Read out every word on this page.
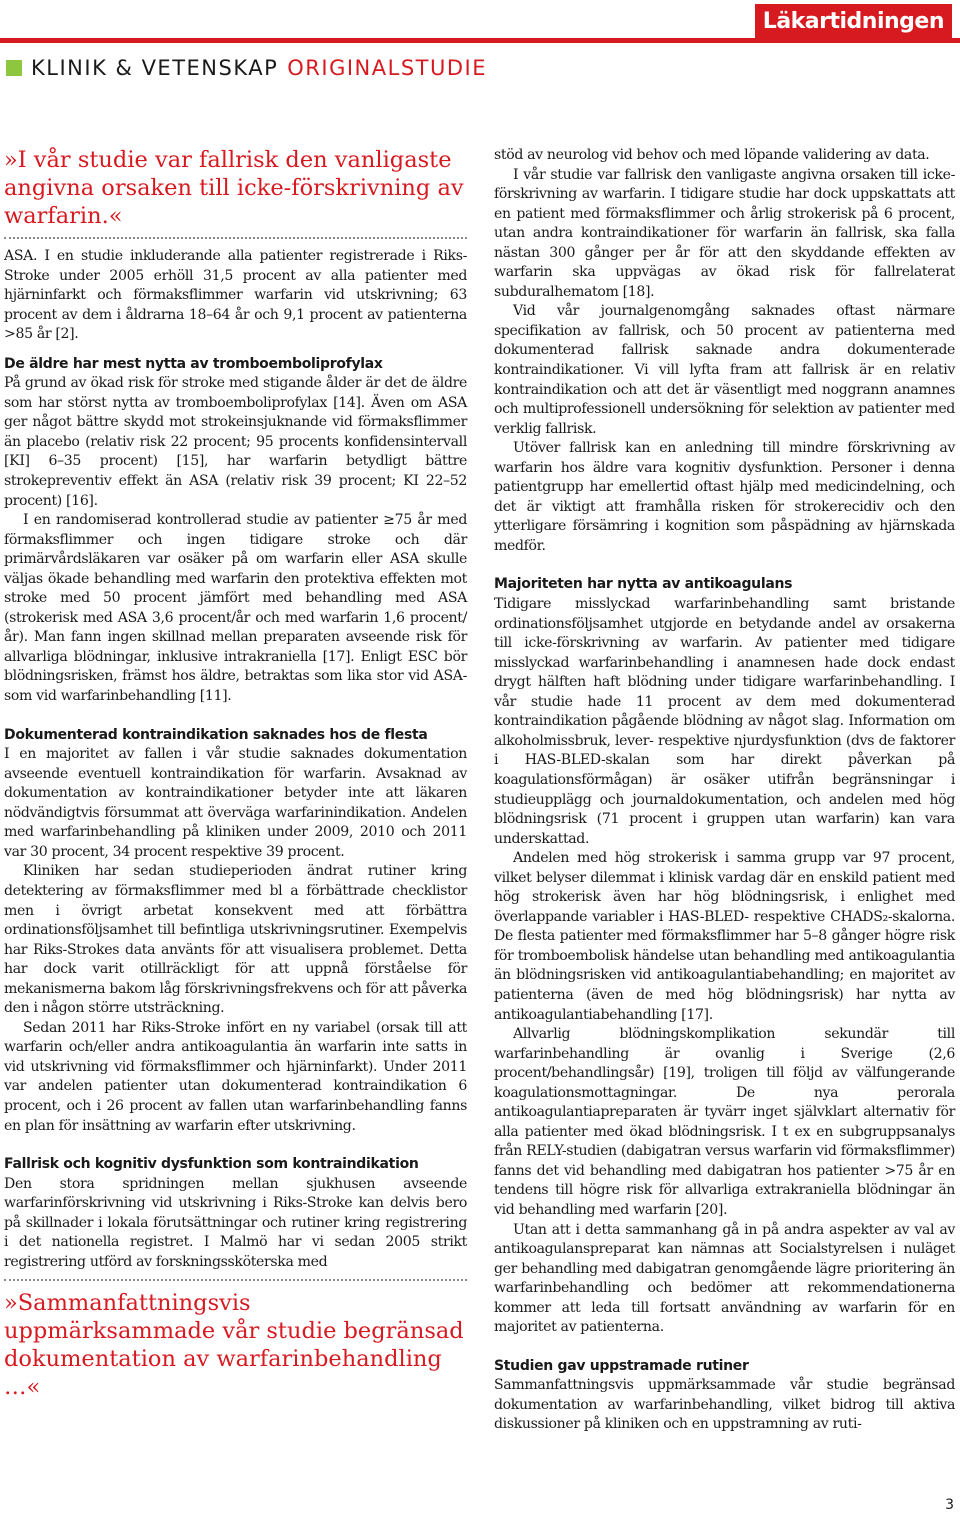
Läkartidningen
KLINIK & VETENSKAP ORIGINALSTUDIE

»I vår studie var fallrisk den vanligaste angivna orsaken till icke-förskrivning av warfarin.«

ASA. I en studie inkluderande alla patienter registrerade i Riks-Stroke under 2005 erhöll 31,5 procent av alla patienter med hjärninfarkt och förmaksflimmer warfarin vid utskrivning; 63 procent av dem i åldrarna 18–64 år och 9,1 procent av patienterna >85 år [2].

De äldre har mest nytta av tromboemboliprofylax

På grund av ökad risk för stroke med stigande ålder är det de äldre som har störst nytta av tromboemboliprofylax [14]. Även om ASA ger något bättre skydd mot strokeinsjuknande vid förmaksflimmer än placebo (relativ risk 22 procent; 95 procents konfidensintervall [KI] 6–35 procent) [15], har warfarin betydligt bättre strokepreventiv effekt än ASA (relativ risk 39 procent; KI 22–52 procent) [16].

I en randomiserad kontrollerad studie av patienter ≥75 år med förmaksflimmer och ingen tidigare stroke och där primärvårdsläkaren var osäker på om warfarin eller ASA skulle väljas ökade behandling med warfarin den protektiva effekten mot stroke med 50 procent jämfört med behandling med ASA (strokerisk med ASA 3,6 procent/år och med warfarin 1,6 procent/år). Man fann ingen skillnad mellan preparaten avseende risk för allvarliga blödningar, inklusive intrakraniella [17]. Enligt ESC bör blödningsrisken, främst hos äldre, betraktas som lika stor vid ASA- som vid warfarinbehandling [11].

Dokumenterad kontraindikation saknades hos de flesta

I en majoritet av fallen i vår studie saknades dokumentation avseende eventuell kontraindikation för warfarin. Avsaknad av dokumentation av kontraindikationer betyder inte att läkaren nödvändigtvis försummat att överväga warfarinindikation. Andelen med warfarinbehandling på kliniken under 2009, 2010 och 2011 var 30 procent, 34 procent respektive 39 procent.

Kliniken har sedan studieperioden ändrat rutiner kring detektering av förmaksflimmer med bl a förbättrade checklistor men i övrigt arbetat konsekvent med att förbättra ordinationsföljsamhet till befintliga utskrivningsrutiner. Exempelvis har Riks-Strokes data använts för att visualisera problemet. Detta har dock varit otillräckligt för att uppnå förståelse för mekanismerna bakom låg förskrivningsfrekvens och för att påverka den i någon större utsträckning.

Sedan 2011 har Riks-Stroke infört en ny variabel (orsak till att warfarin och/eller andra antikoagulantia än warfarin inte satts in vid utskrivning vid förmaksflimmer och hjärninfarkt). Under 2011 var andelen patienter utan dokumenterad kontraindikation 6 procent, och i 26 procent av fallen utan warfarinbehandling fanns en plan för insättning av warfarin efter utskrivning.

Fallrisk och kognitiv dysfunktion som kontraindikation

Den stora spridningen mellan sjukhusen avseende warfarinförskrivning vid utskrivning i Riks-Stroke kan delvis bero på skillnader i lokala förutsättningar och rutiner kring registrering i det nationella registret. I Malmö har vi sedan 2005 strikt registrering utförd av forskningssköterska med

»Sammanfattningsvis uppmärksammade vår studie begränsad dokumentation av warfarinbehandling …«

stöd av neurolog vid behov och med löpande validering av data.

I vår studie var fallrisk den vanligaste angivna orsaken till icke-förskrivning av warfarin. I tidigare studie har dock uppskattats att en patient med förmaksflimmer och årlig strokerisk på 6 procent, utan andra kontraindikationer för warfarin än fallrisk, ska falla nästan 300 gånger per år för att den skyddande effekten av warfarin ska uppvägas av ökad risk för fallrelaterat subduralhematom [18].

Vid vår journalgenomgång saknades oftast närmare specifikation av fallrisk, och 50 procent av patienterna med dokumenterad fallrisk saknade andra dokumenterade kontraindikationer. Vi vill lyfta fram att fallrisk är en relativ kontraindikation och att det är väsentligt med noggrann anamnes och multiprofessionell undersökning för selektion av patienter med verklig fallrisk.

Utöver fallrisk kan en anledning till mindre förskrivning av warfarin hos äldre vara kognitiv dysfunktion. Personer i denna patientgrupp har emellertid oftast hjälp med medicindelning, och det är viktigt att framhålla risken för strokerecidiv och den ytterligare försämring i kognition som påspädning av hjärnskada medför.

Majoriteten har nytta av antikoagulans

Tidigare misslyckad warfarinbehandling samt bristande ordinationsföljsamhet utgjorde en betydande andel av orsakerna till icke-förskrivning av warfarin. Av patienter med tidigare misslyckad warfarinbehandling i anamnesen hade dock endast drygt hälften haft blödning under tidigare warfarinbehandling. I vår studie hade 11 procent av dem med dokumenterad kontraindikation pågående blödning av något slag. Information om alkoholmissbruk, lever- respektive njurdysfunktion (dvs de faktorer i HAS-BLED-skalan som har direkt påverkan på koagulationsförmågan) är osäker utifrån begränsningar i studieupplägg och journaldokumentation, och andelen med hög blödningsrisk (71 procent i gruppen utan warfarin) kan vara underskattad.

Andelen med hög strokerisk i samma grupp var 97 procent, vilket belyser dilemmat i klinisk vardag där en enskild patient med hög strokerisk även har hög blödningsrisk, i enlighet med överlappande variabler i HAS-BLED- respektive CHADS₂-skalorna. De flesta patienter med förmaksflimmer har 5–8 gånger högre risk för tromboembolisk händelse utan behandling med antikoagulantia än blödningsrisken vid antikoagulantiabehandling; en majoritet av patienterna (även de med hög blödningsrisk) har nytta av antikoagulantiabehandling [17].

Allvarlig blödningskomplikation sekundär till warfarinbehandling är ovanlig i Sverige (2,6 procent/behandlingsår) [19], troligen till följd av välfungerande koagulationsmottagningar. De nya perorala antikoagulantiapreparaten är tyvärr inget självklart alternativ för alla patienter med ökad blödningsrisk. I t ex en subgruppsanalys från RELY-studien (dabigatran versus warfarin vid förmaksflimmer) fanns det vid behandling med dabigatran hos patienter >75 år en tendens till högre risk för allvarliga extrakraniella blödningar än vid behandling med warfarin [20].

Utan att i detta sammanhang gå in på andra aspekter av val av antikoagulanspreparat kan nämnas att Socialstyrelsen i nuläget ger behandling med dabigatran genomgående lägre prioritering än warfarinbehandling och bedömer att rekommendationerna kommer att leda till fortsatt användning av warfarin för en majoritet av patienterna.

Studien gav uppstramade rutiner

Sammanfattningsvis uppmärksammade vår studie begränsad dokumentation av warfarinbehandling, vilket bidrog till aktiva diskussioner på kliniken och en uppstramning av ruti-

3
